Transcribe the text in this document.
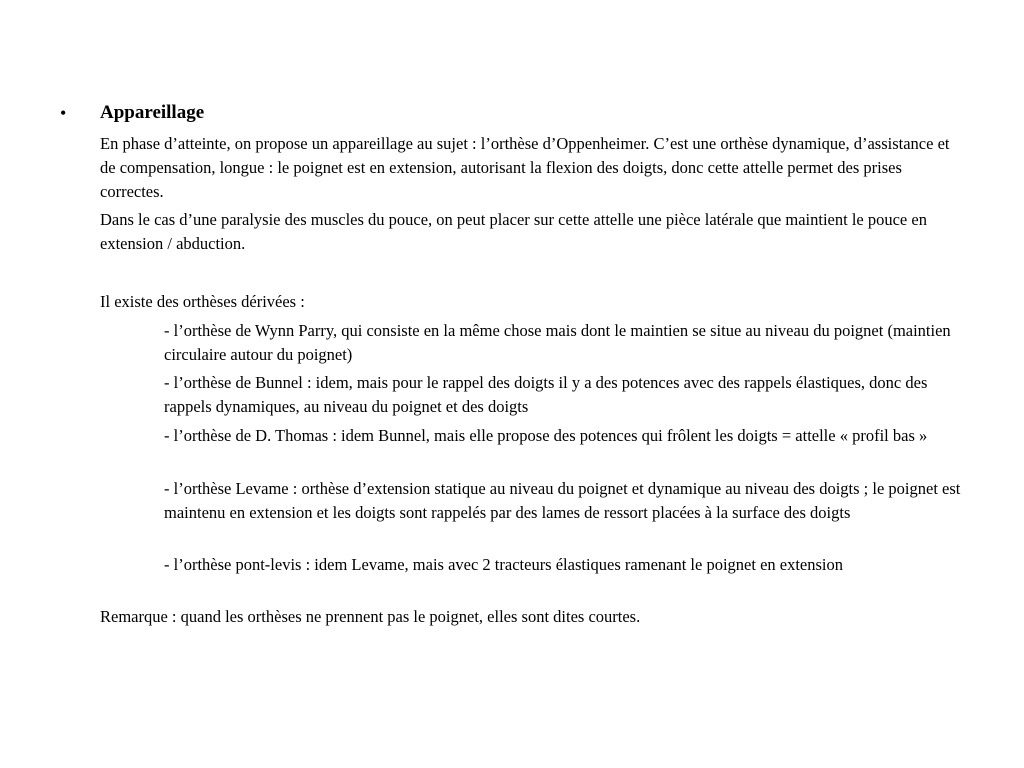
• Appareillage

En phase d’atteinte, on propose un appareillage au sujet : l’orthèse d’Oppenheimer. C’est une orthèse dynamique, d’assistance et de compensation, longue : le poignet est en extension, autorisant la flexion des doigts, donc cette attelle permet des prises correctes.

Dans le cas d’une paralysie des muscles du pouce, on peut placer sur cette attelle une pièce latérale que maintient le pouce en extension / abduction.

Il existe des orthèses dérivées :

- l’orthèse de Wynn Parry, qui consiste en la même chose mais dont le maintien se situe au niveau du poignet (maintien circulaire autour du poignet)

- l’orthèse de Bunnel : idem, mais pour le rappel des doigts il y a des potences avec des rappels élastiques, donc des rappels dynamiques, au niveau du poignet et des doigts

- l’orthèse de D. Thomas : idem Bunnel, mais elle propose des potences qui frôlent les doigts = attelle « profil bas »

- l’orthèse Levame : orthèse d’extension statique au niveau du poignet et dynamique au niveau des doigts ; le poignet est maintenu en extension et les doigts sont rappelés par des lames de ressort placées à la surface des doigts

- l’orthèse pont-levis : idem Levame, mais avec 2 tracteurs élastiques ramenant le poignet en extension

Remarque : quand les orthèses ne prennent pas le poignet, elles sont dites courtes.
